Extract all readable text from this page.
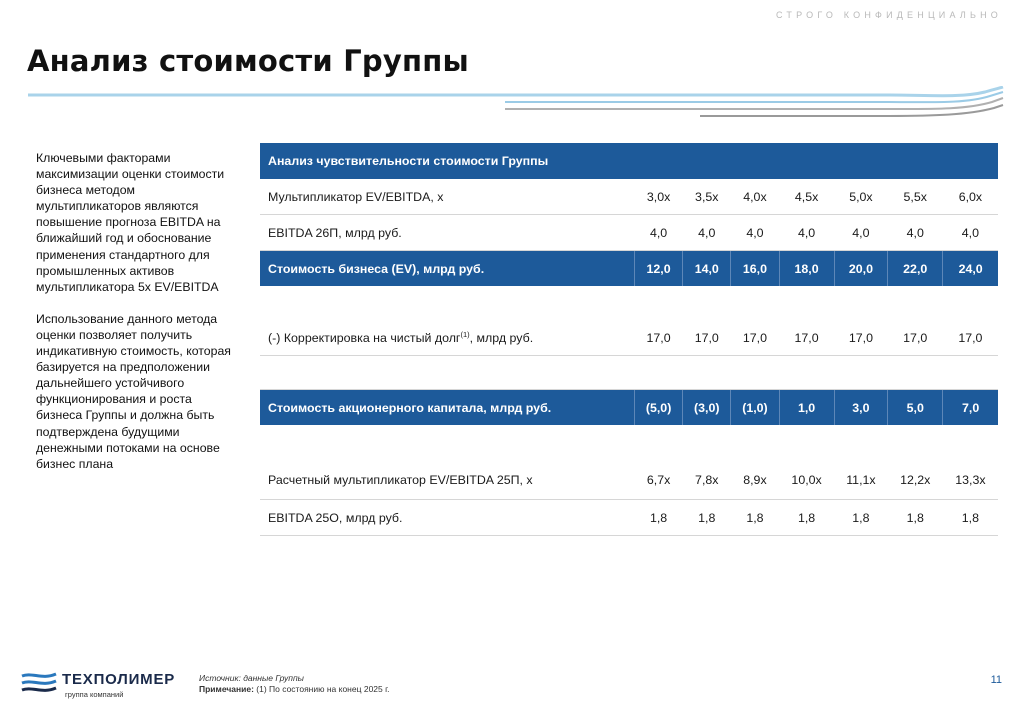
СТРОГО КОНФИДЕНЦИАЛЬНО
Анализ стоимости Группы

Ключевыми факторами максимизации оценки стоимости бизнеса методом мультипликаторов являются повышение прогноза EBITDA на ближайший год и обоснование применения стандартного для промышленных активов мультипликатора 5х EV/EBITDA

Использование данного метода оценки позволяет получить индикативную стоимость, которая базируется на предположении дальнейшего устойчивого функционирования и роста бизнеса Группы и должна быть подтверждена будущими денежными потоками на основе бизнес плана

Анализ чувствительности стоимости Группы							
Мультипликатор EV/EBITDA, x	3,0x	3,5x	4,0x	4,5x	5,0x	5,5x	6,0x
EBITDA 26П, млрд руб.	4,0	4,0	4,0	4,0	4,0	4,0	4,0
Стоимость бизнеса (EV), млрд руб.	12,0	14,0	16,0	18,0	20,0	22,0	24,0

(-) Корректировка на чистый долг$^{(1)}$, млрд руб.	17,0	17,0	17,0	17,0	17,0	17,0	17,0

Стоимость акционерного капитала, млрд руб.	(5,0)	(3,0)	(1,0)	1,0	3,0	5,0	7,0

Расчетный мультипликатор EV/EBITDA 25П, х	6,7x	7,8x	8,9x	10,0x	11,1x	12,2x	13,3x
EBITDA 25О, млрд руб.	1,8	1,8	1,8	1,8	1,8	1,8	1,8
ТЕХПОЛИМЕР
группа компаний
Источник: данные Группы
Примечание: (1) По состоянию на конец 2025 г.
11
